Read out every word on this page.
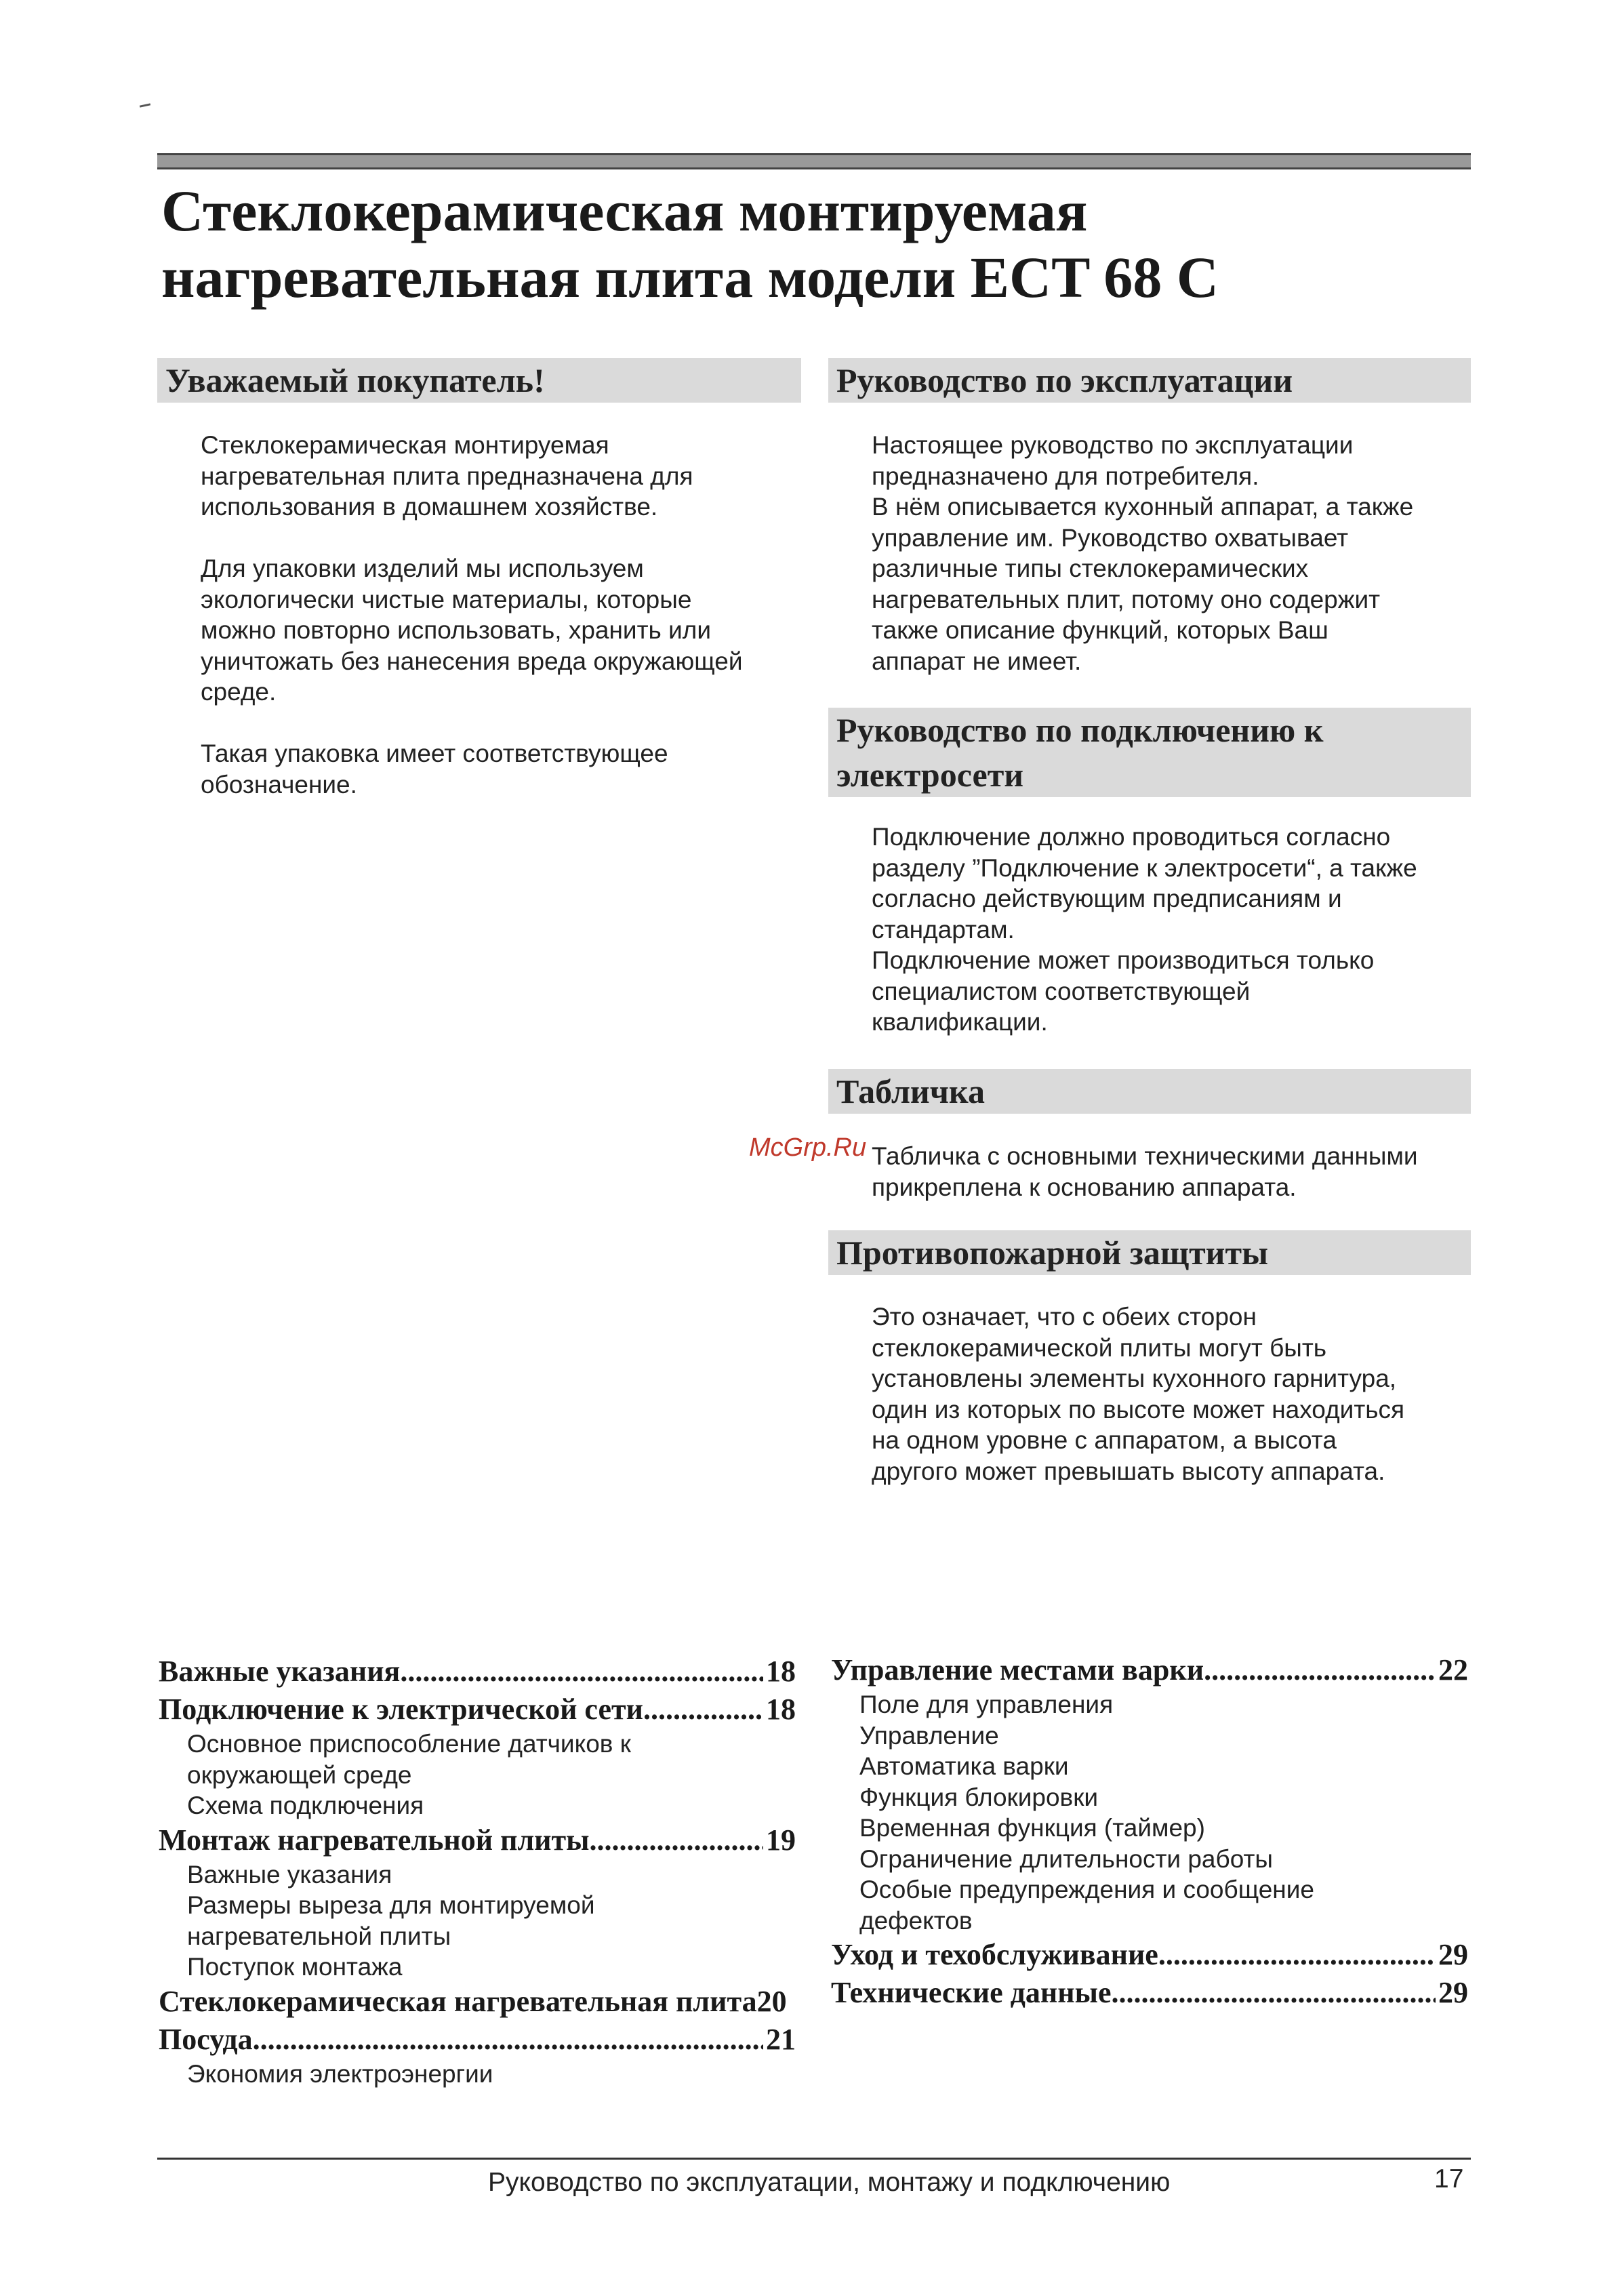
Стеклокерамическая монтируемая
нагревательная плита модели ECT 68 C
Уважаемый покупатель!

Стеклокерамическая монтируемая

нагревательная плита предназначена для

использования в домашнем хозяйстве.

Для упаковки изделий мы используем

экологически чистые материалы, которые

можно повторно использовать, хранить или

уничтожать без нанесения вреда окружающей

среде.

Такая упаковка имеет соответствующее

обозначение.

Руководство по эксплуатации

Настоящее руководство по эксплуатации

предназначено для потребителя.

В нём описывается кухонный аппарат, а также

управление им. Руководство охватывает

различные типы стеклокерамических

нагревательных плит, потому оно содержит

также описание функций, которых Ваш

аппарат не имеет.

Руководство по подключению к
электросети

Подключение должно проводиться согласно

разделу ”Подключение к электросети“, а также

согласно действующим предписаниям и

стандартам.

Подключение может производиться только

специалистом соответствующей

квалификации.

Табличка
McGrp.Ru Табличка с основными техническими данными

прикреплена к основанию аппарата.

Противопожарной защтиты

Это означает, что с обеих сторон

стеклокерамической плиты могут быть

установлены элементы кухонного гарнитура,

один из которых по высоте может находиться

на одном уровне с аппаратом, а высота

другого может превышать высоту аппарата.

Важные указания .....	18
Подключение к электрической сети .....	18
Основное приспособление датчиков к
окружающей среде
Схема подключения
Монтаж нагревательной плиты .....	19
Важные указания
Размеры выреза для монтируемой
нагревательной плиты
Поступок монтажа
Стеклокерамическая нагревательная плита 20
Посуда .....	21
Экономия электроэнергии
Управление местами варки .....	22
Поле для управления
Управление
Автоматика варки
Функция блокировки
Временная функция (таймер)
Ограничение длительности работы
Особые предупреждения и сообщение
дефектов
Уход и техобслуживание .....	29
Технические данные .....	29
Руководство по эксплуатации, монтажу и подключению	17
